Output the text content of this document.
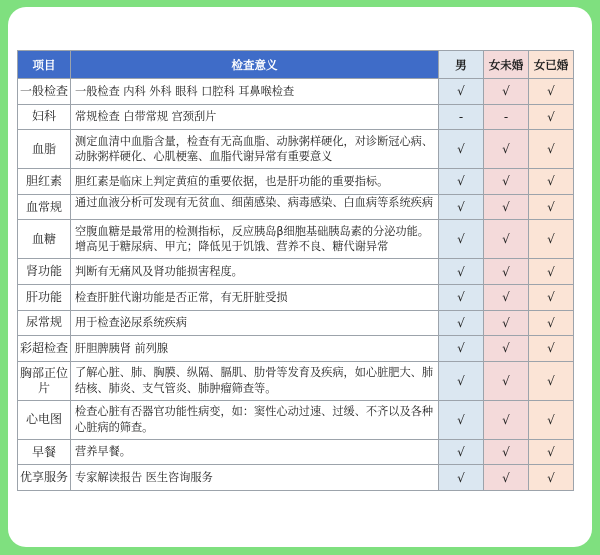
项目	检查意义	男	女未婚	女已婚
一般检查	一般检查 内科 外科 眼科 口腔科 耳鼻喉检查	√	√	√
妇科	常规检查 白带常规 宫颈刮片	-	-	√
血脂	测定血清中血脂含量，检查有无高血脂、动脉粥样硬化，对诊断冠心病、动脉粥样硬化、心肌梗塞、血脂代谢异常有重要意义	√	√	√
胆红素	胆红素是临床上判定黄疸的重要依据，也是肝功能的重要指标。	√	√	√
血常规	通过血液分析可发现有无贫血、细菌感染、病毒感染、白血病等系统疾病	√	√	√
血糖	空腹血糖是最常用的检测指标，反应胰岛β细胞基础胰岛素的分泌功能。增高见于糖尿病、甲亢；降低见于饥饿、营养不良、糖代谢异常	√	√	√
肾功能	判断有无痛风及肾功能损害程度。	√	√	√
肝功能	检查肝脏代谢功能是否正常，有无肝脏受损	√	√	√
尿常规	用于检查泌尿系统疾病	√	√	√
彩超检查	肝胆脾胰肾 前列腺	√	√	√
胸部正位片	了解心脏、肺、胸膜、纵隔、膈肌、肋骨等发育及疾病，如心脏肥大、肺结核、肺炎、支气管炎、肺肿瘤筛查等。	√	√	√
心电图	检查心脏有否器官功能性病变，如：窦性心动过速、过缓、不齐以及各种心脏病的筛查。	√	√	√
早餐	营养早餐。	√	√	√
优享服务	专家解读报告 医生咨询服务	√	√	√
